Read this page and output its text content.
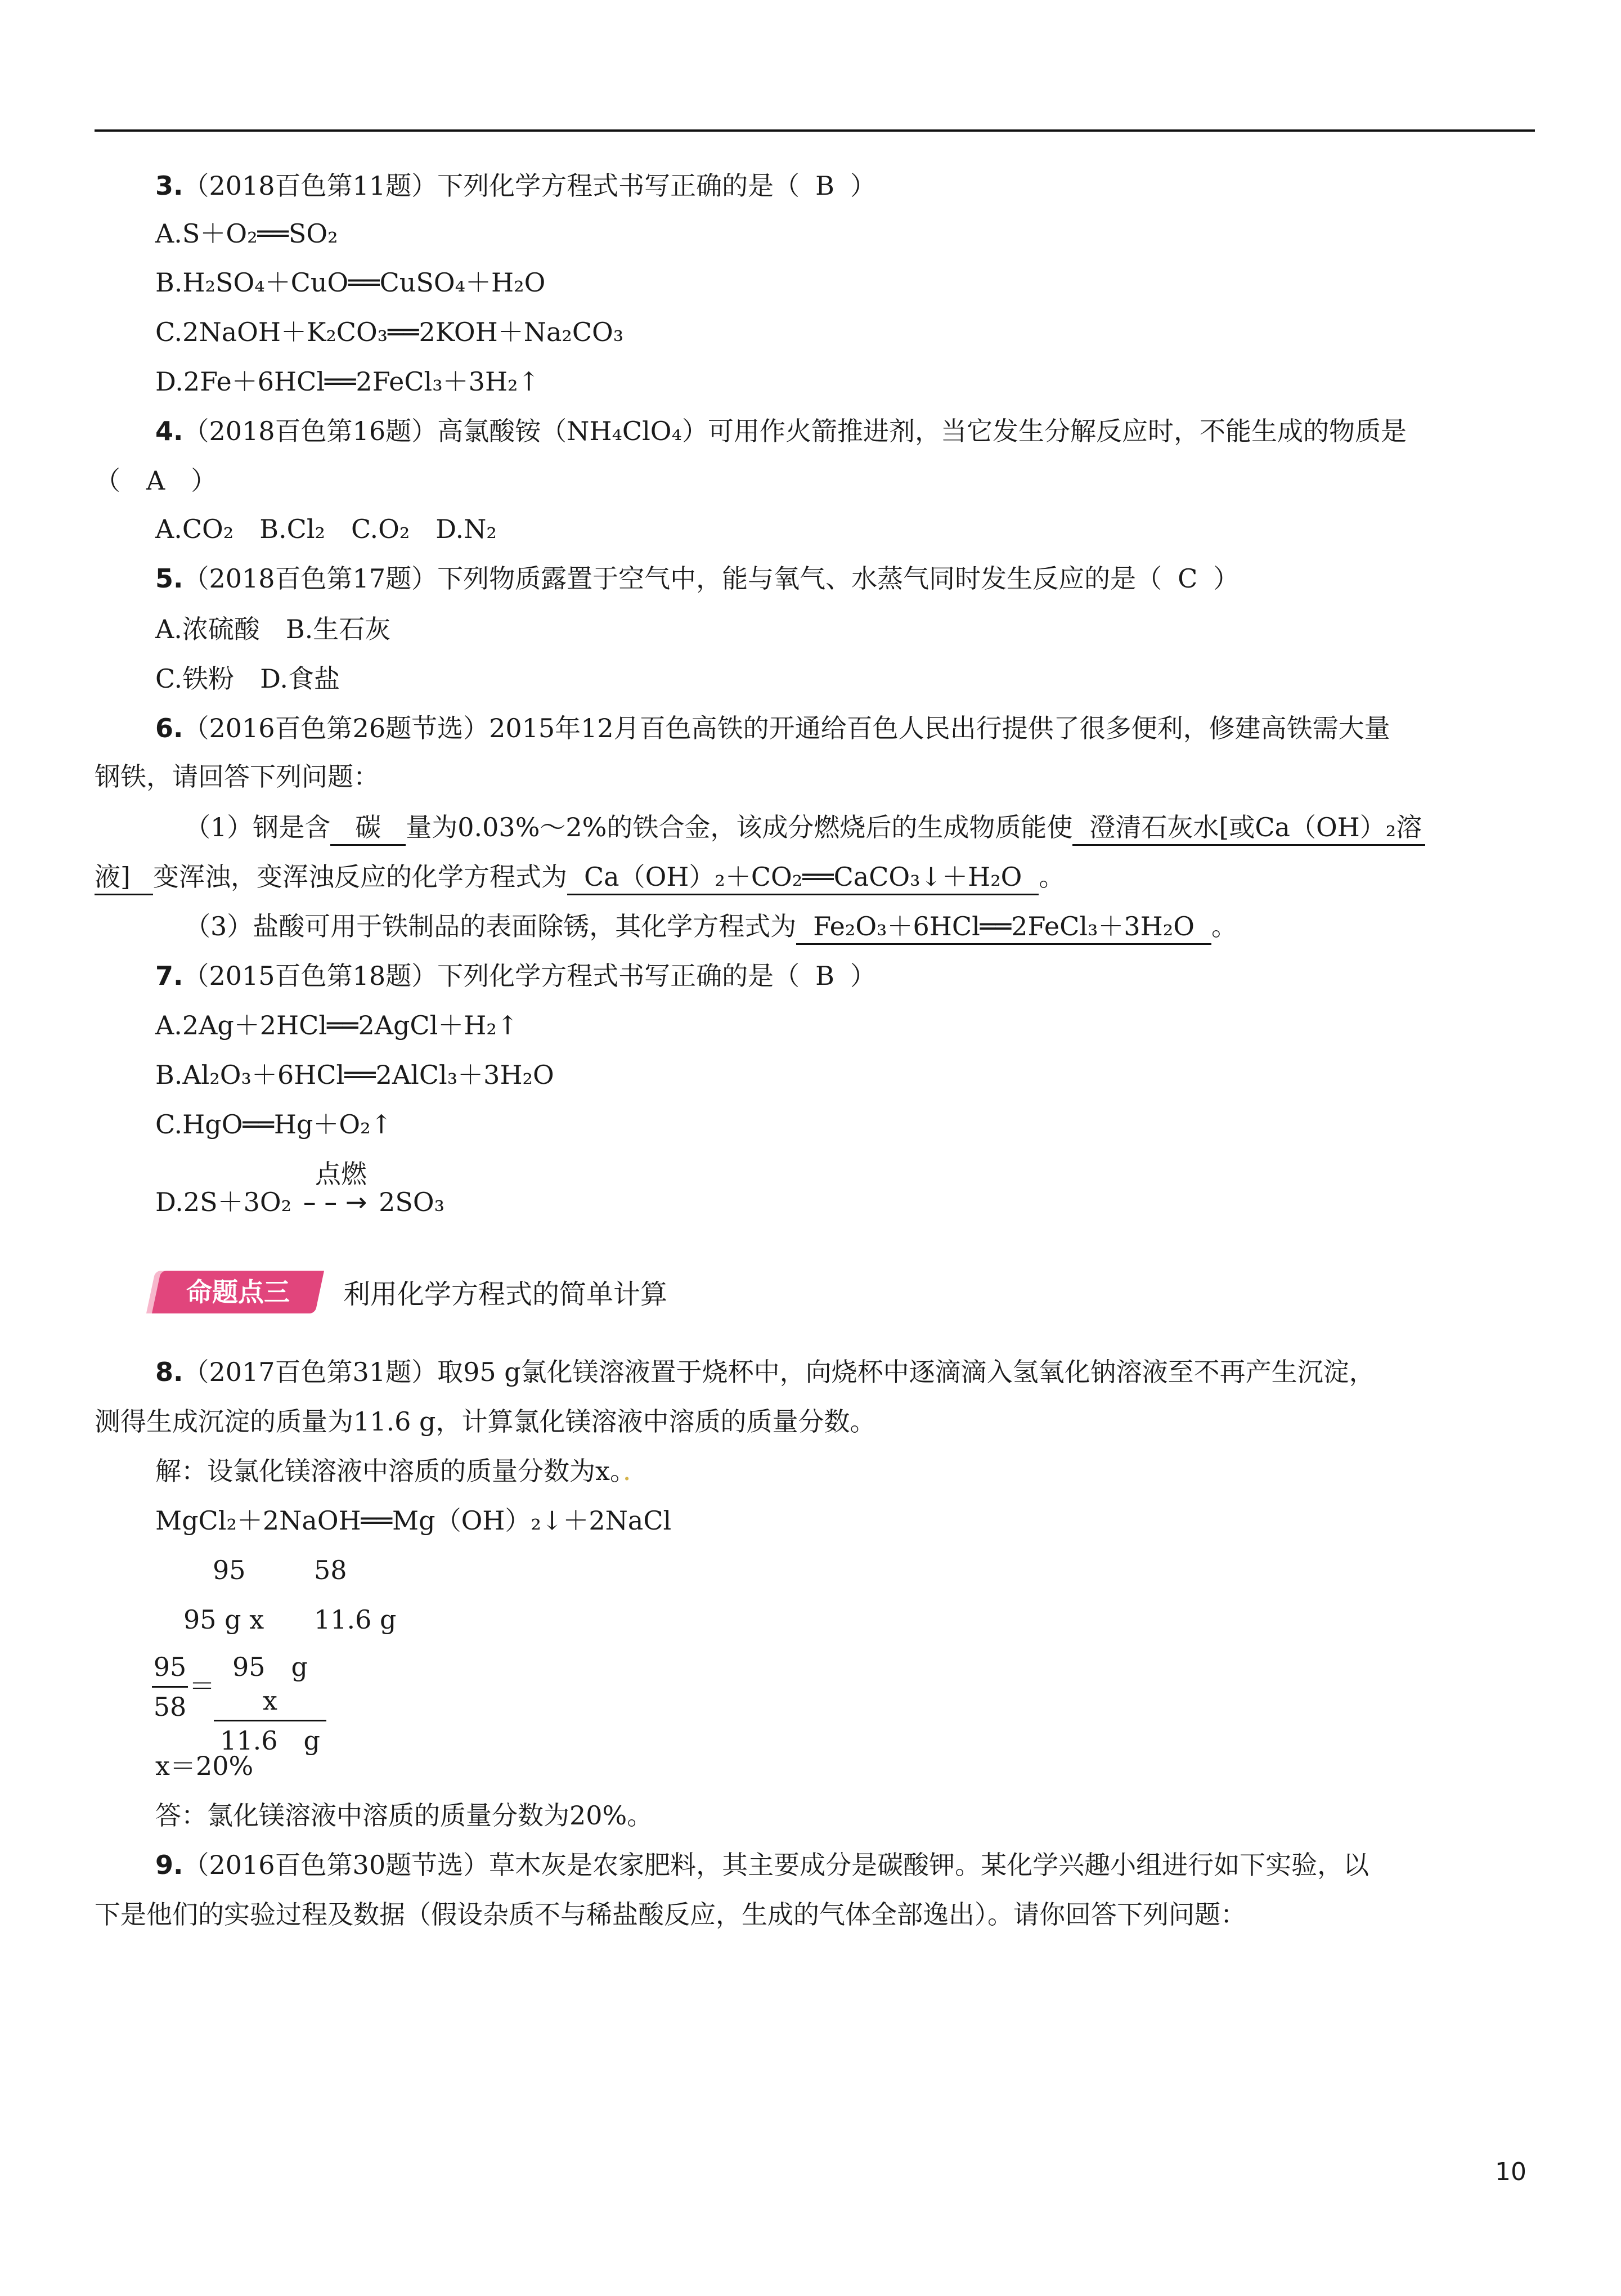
3.（2018百色第11题）下列化学方程式书写正确的是（ B ）
A.S＋O₂══SO₂
B.H₂SO₄＋CuO══CuSO₄＋H₂O
C.2NaOH＋K₂CO₃══2KOH＋Na₂CO₃
D.2Fe＋6HCl══2FeCl₃＋3H₂↑
4.（2018百色第16题）高氯酸铵（NH₄ClO₄）可用作火箭推进剂，当它发生分解反应时，不能生成的物质是
（　A　）
A.CO₂　B.Cl₂　C.O₂　D.N₂
5.（2018百色第17题）下列物质露置于空气中，能与氧气、水蒸气同时发生反应的是（ C ）
A.浓硫酸　B.生石灰
C.铁粉　D.食盐
6.（2016百色第26题节选）2015年12月百色高铁的开通给百色人民出行提供了很多便利，修建高铁需大量
钢铁，请回答下列问题：
（1）钢是含 碳 量为0.03%～2%的铁合金，该成分燃烧后的生成物质能使 澄清石灰水[或Ca（OH）₂溶
液] 变浑浊，变浑浊反应的化学方程式为 Ca（OH）₂＋CO₂══CaCO₃↓＋H₂O 。
（3）盐酸可用于铁制品的表面除锈，其化学方程式为 Fe₂O₃＋6HCl══2FeCl₃＋3H₂O 。
7.（2015百色第18题）下列化学方程式书写正确的是（ B ）
A.2Ag＋2HCl══2AgCl＋H₂↑
B.Al₂O₃＋6HCl══2AlCl₃＋3H₂O
C.HgO══Hg＋O₂↑
点燃
D.2S＋3O₂ – – → 2SO₃
命题点三	利用化学方程式的简单计算
8.（2017百色第31题）取95 g氯化镁溶液置于烧杯中，向烧杯中逐滴滴入氢氧化钠溶液至不再产生沉淀，
测得生成沉淀的质量为11.6 g，计算氯化镁溶液中溶质的质量分数。
解：设氯化镁溶液中溶质的质量分数为x。．
MgCl₂＋2NaOH══Mg（OH）₂↓＋2NaCl
95	58
95 g x 11.6 g
95
58
＝
95　g　x
11.6　g
x＝20%
答：氯化镁溶液中溶质的质量分数为20%。
9.（2016百色第30题节选）草木灰是农家肥料，其主要成分是碳酸钾。某化学兴趣小组进行如下实验，以
下是他们的实验过程及数据（假设杂质不与稀盐酸反应，生成的气体全部逸出）。请你回答下列问题：
10
